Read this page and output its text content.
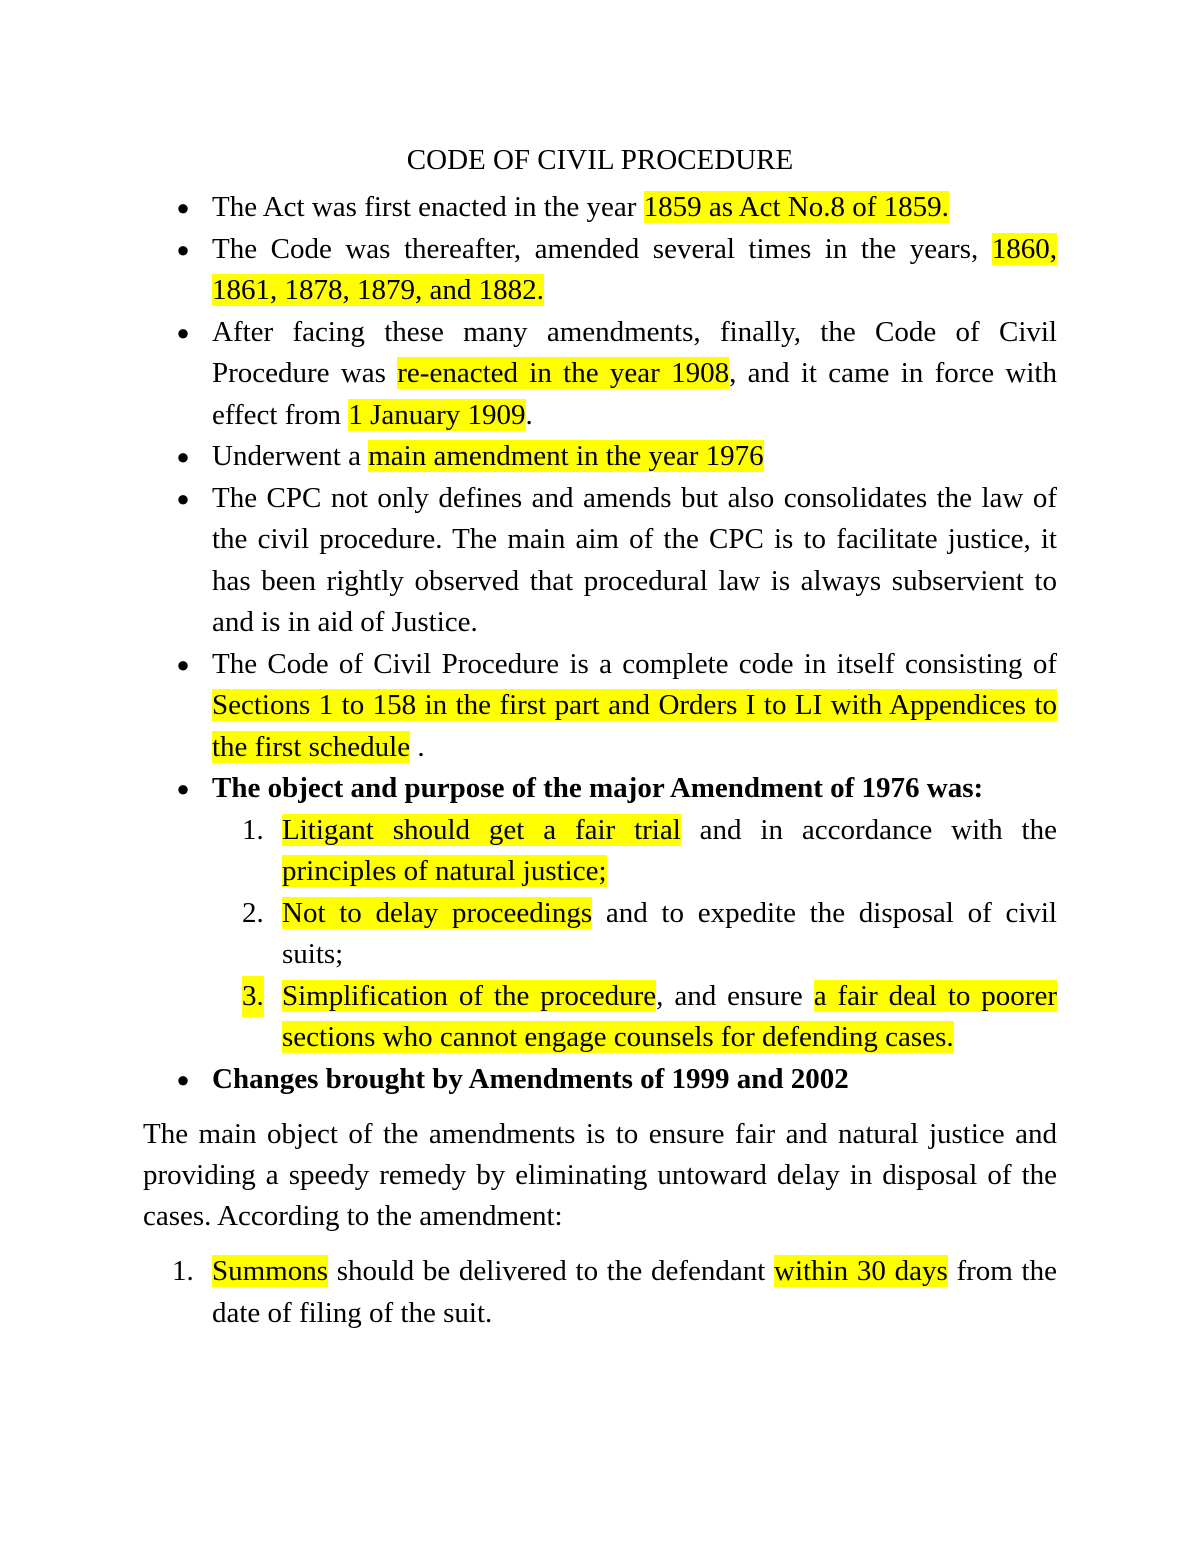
CODE OF CIVIL PROCEDURE
● The Act was first enacted in the year 1859 as Act No.8 of 1859.
● The Code was thereafter, amended several times in the years, 1860, 1861, 1878, 1879, and 1882.
● After facing these many amendments, finally, the Code of Civil Procedure was re-enacted in the year 1908, and it came in force with effect from 1 January 1909.
● Underwent a main amendment in the year 1976
● The CPC not only defines and amends but also consolidates the law of the civil procedure. The main aim of the CPC is to facilitate justice, it has been rightly observed that procedural law is always subservient to and is in aid of Justice.
● The Code of Civil Procedure is a complete code in itself consisting of Sections 1 to 158 in the first part and Orders I to LI with Appendices to the first schedule .
● The object and purpose of the major Amendment of 1976 was:
1. Litigant should get a fair trial and in accordance with the principles of natural justice;
2. Not to delay proceedings and to expedite the disposal of civil suits;
3. Simplification of the procedure, and ensure a fair deal to poorer sections who cannot engage counsels for defending cases.
● Changes brought by Amendments of 1999 and 2002

The main object of the amendments is to ensure fair and natural justice and providing a speedy remedy by eliminating untoward delay in disposal of the cases. According to the amendment:

1. Summons should be delivered to the defendant within 30 days from the date of filing of the suit.
